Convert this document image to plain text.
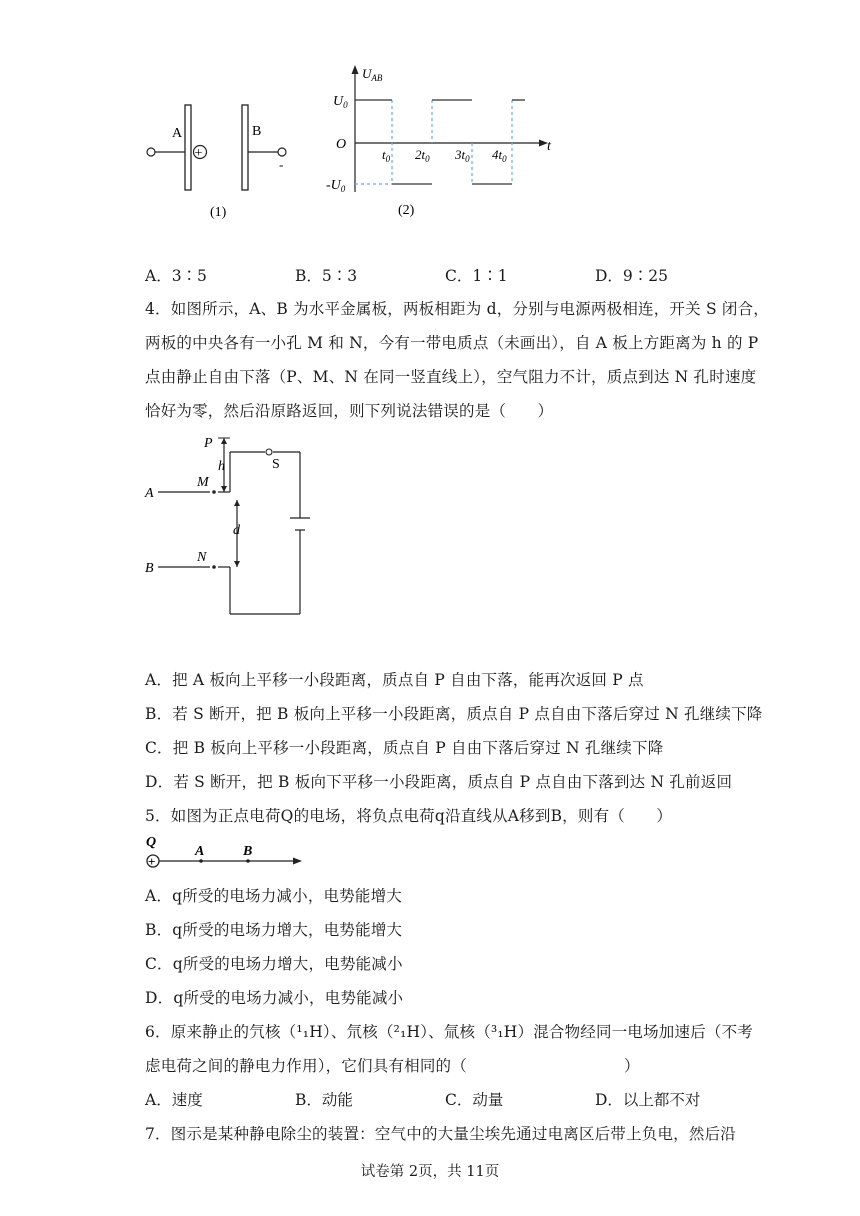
+
A	B
-
(1)
$U_{AB}$
$U_0$
O
$-U_0$
t
$t_0$ $2t_0$ $3t_0$ $4t_0$
(2)
A．3∶5	B．5∶3	C．1∶1	D．9∶25
4．如图所示，A、B 为水平金属板，两板相距为 d，分别与电源两极相连，开关 S 闭合，
两板的中央各有一小孔 M 和 N，今有一带电质点（未画出），自 A 板上方距离为 h 的 P
点由静止自由下落（P、M、N 在同一竖直线上），空气阻力不计，质点到达 N 孔时速度
恰好为零，然后沿原路返回，则下列说法错误的是（　　）
P
h	S
A
M
d
B
N
A．把 A 板向上平移一小段距离，质点自 P 自由下落，能再次返回 P 点
B．若 S 断开，把 B 板向上平移一小段距离，质点自 P 点自由下落后穿过 N 孔继续下降
C．把 B 板向上平移一小段距离，质点自 P 自由下落后穿过 N 孔继续下降
D．若 S 断开，把 B 板向下平移一小段距离，质点自 P 点自由下落到达 N 孔前返回
5．如图为正点电荷Q的电场，将负点电荷q沿直线从A移到B，则有（　　）
Q
+
A	B
A．q所受的电场力减小，电势能增大
B．q所受的电场力增大，电势能增大
C．q所受的电场力增大，电势能减小
D．q所受的电场力减小，电势能减小
6．原来静止的氕核（¹₁H）、氘核（²₁H）、氚核（³₁H）混合物经同一电场加速后（不考
虑电荷之间的静电力作用），它们具有相同的（　　　　　　　　　　）
A．速度	B．动能	C．动量	D．以上都不对
7．图示是某种静电除尘的装置：空气中的大量尘埃先通过电离区后带上负电，然后沿
试卷第 2页，共 11页
